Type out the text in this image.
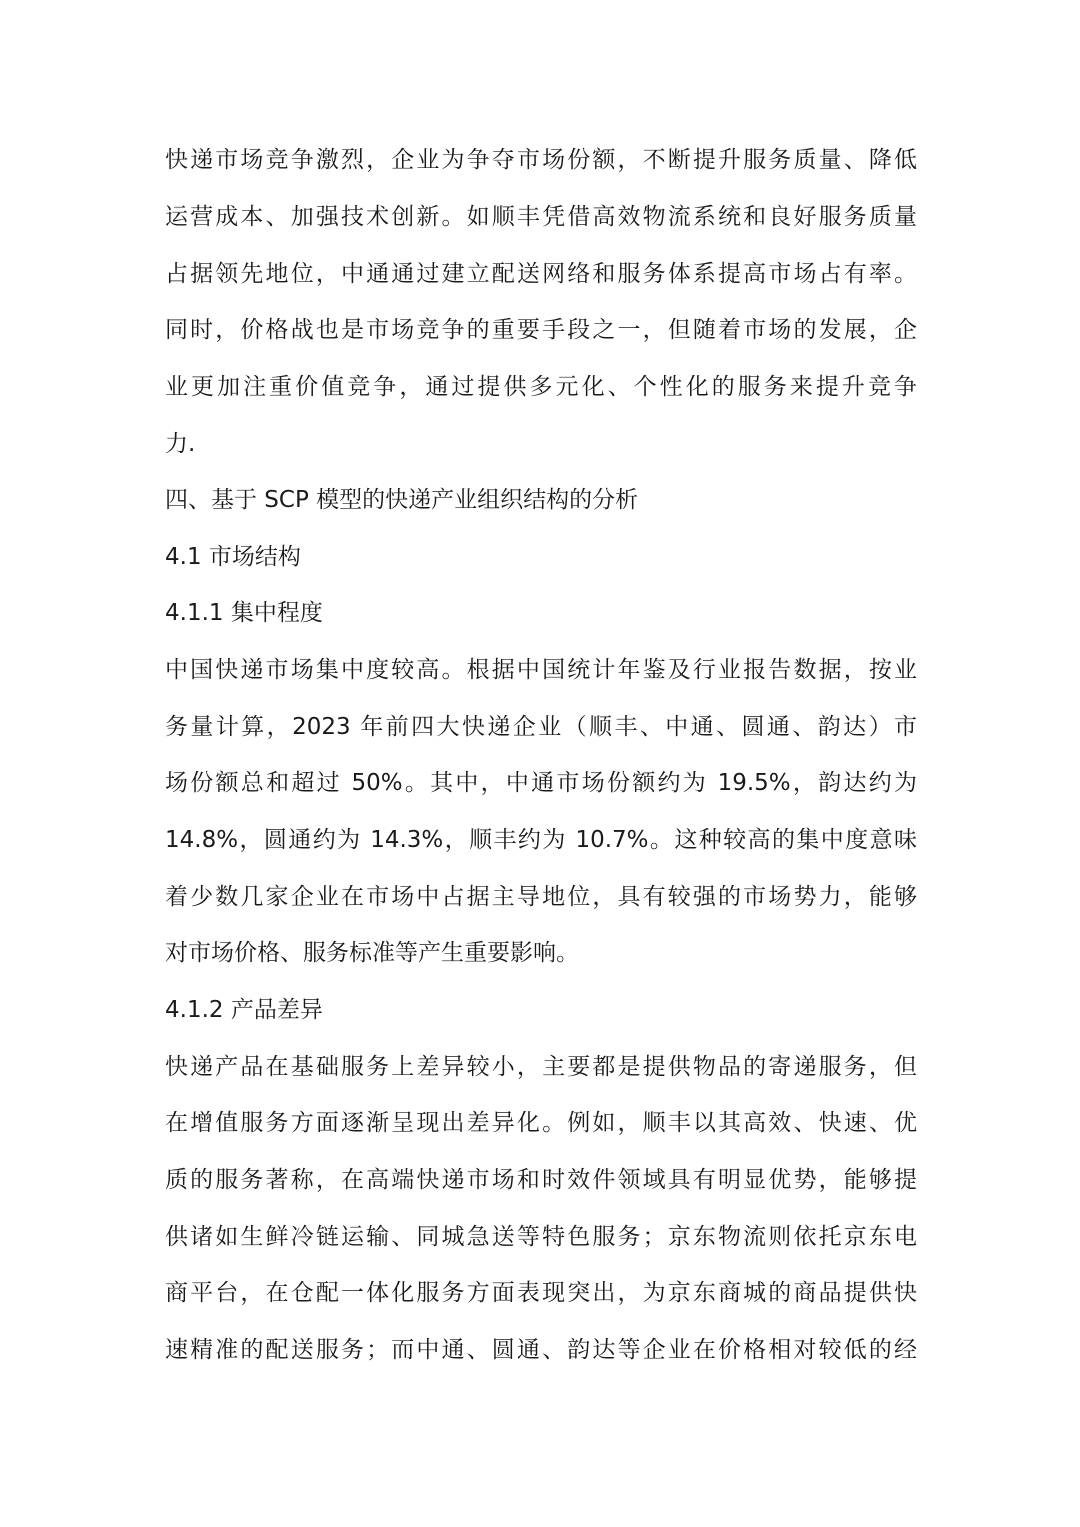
快递市场竞争激烈，企业为争夺市场份额，不断提升服务质量、降低
运营成本、加强技术创新。如顺丰凭借高效物流系统和良好服务质量
占据领先地位，中通通过建立配送网络和服务体系提高市场占有率。
同时，价格战也是市场竞争的重要手段之一，但随着市场的发展，企
业更加注重价值竞争，通过提供多元化、个性化的服务来提升竞争
力.
四、基于 SCP 模型的快递产业组织结构的分析
4.1 市场结构
4.1.1 集中程度
中国快递市场集中度较高。根据中国统计年鉴及行业报告数据，按业
务量计算，2023 年前四大快递企业（顺丰、中通、圆通、韵达）市
场份额总和超过 50%。其中，中通市场份额约为 19.5%，韵达约为
14.8%，圆通约为 14.3%，顺丰约为 10.7%。这种较高的集中度意味
着少数几家企业在市场中占据主导地位，具有较强的市场势力，能够
对市场价格、服务标准等产生重要影响。
4.1.2 产品差异
快递产品在基础服务上差异较小，主要都是提供物品的寄递服务，但
在增值服务方面逐渐呈现出差异化。例如，顺丰以其高效、快速、优
质的服务著称，在高端快递市场和时效件领域具有明显优势，能够提
供诸如生鲜冷链运输、同城急送等特色服务；京东物流则依托京东电
商平台，在仓配一体化服务方面表现突出，为京东商城的商品提供快
速精准的配送服务；而中通、圆通、韵达等企业在价格相对较低的经
